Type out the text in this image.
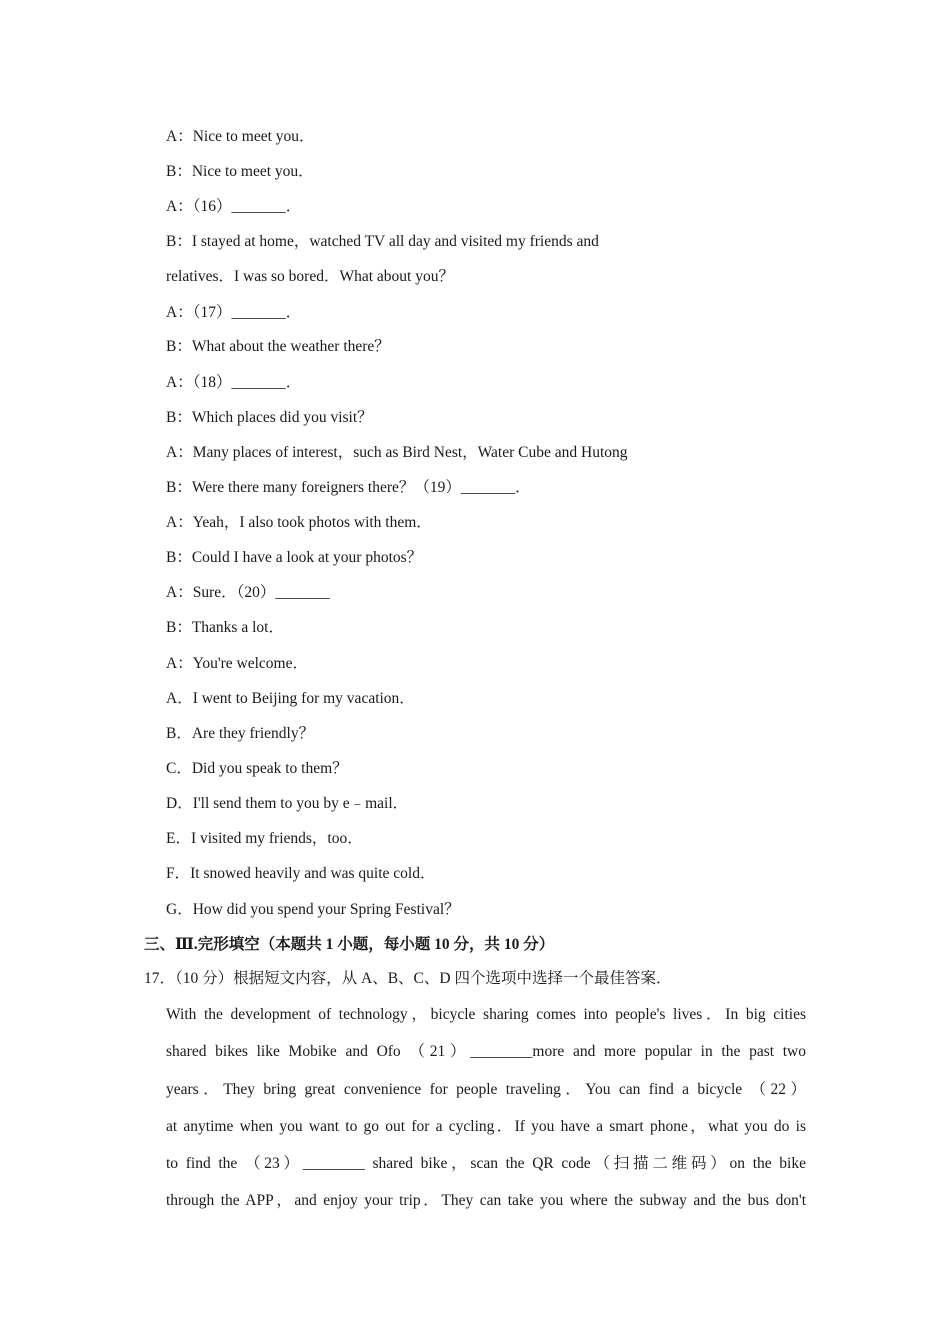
A：Nice to meet you．
B：Nice to meet you．
A：（16）_______．
B：I stayed at home，watched TV all day and visited my friends and
relatives．I was so bored．What about you？
A：（17）_______．
B：What about the weather there？
A：（18）_______．
B：Which places did you visit？
A：Many places of interest，such as Bird Nest，Water Cube and Hutong
B：Were there many foreigners there？（19）_______．
A：Yeah，I also took photos with them．
B：Could I have a look at your photos？
A：Sure．（20）_______
B：Thanks a lot．
A：You're welcome．
A．I went to Beijing for my vacation．
B．Are they friendly？
C．Did you speak to them？
D．I'll send them to you by e﹣mail．
E．I visited my friends，too．
F．It snowed heavily and was quite cold．
G．How did you spend your Spring Festival？
三、Ⅲ.完形填空（本题共 1 小题，每小题 10 分，共 10 分）
17．（10 分）根据短文内容，从 A、B、C、D 四个选项中选择一个最佳答案．
With the development of technology，bicycle sharing comes into people's lives．In big cities
shared bikes like Mobike and Ofo （21）________more and more popular in the past two
years．They bring great convenience for people traveling．You can find a bicycle （22）
at anytime when you want to go out for a cycling．If you have a smart phone，what you do is
to find the （23）________ shared bike，scan the QR code（扫描二维码）on the bike
through the APP，and enjoy your trip．They can take you where the subway and the bus don't
